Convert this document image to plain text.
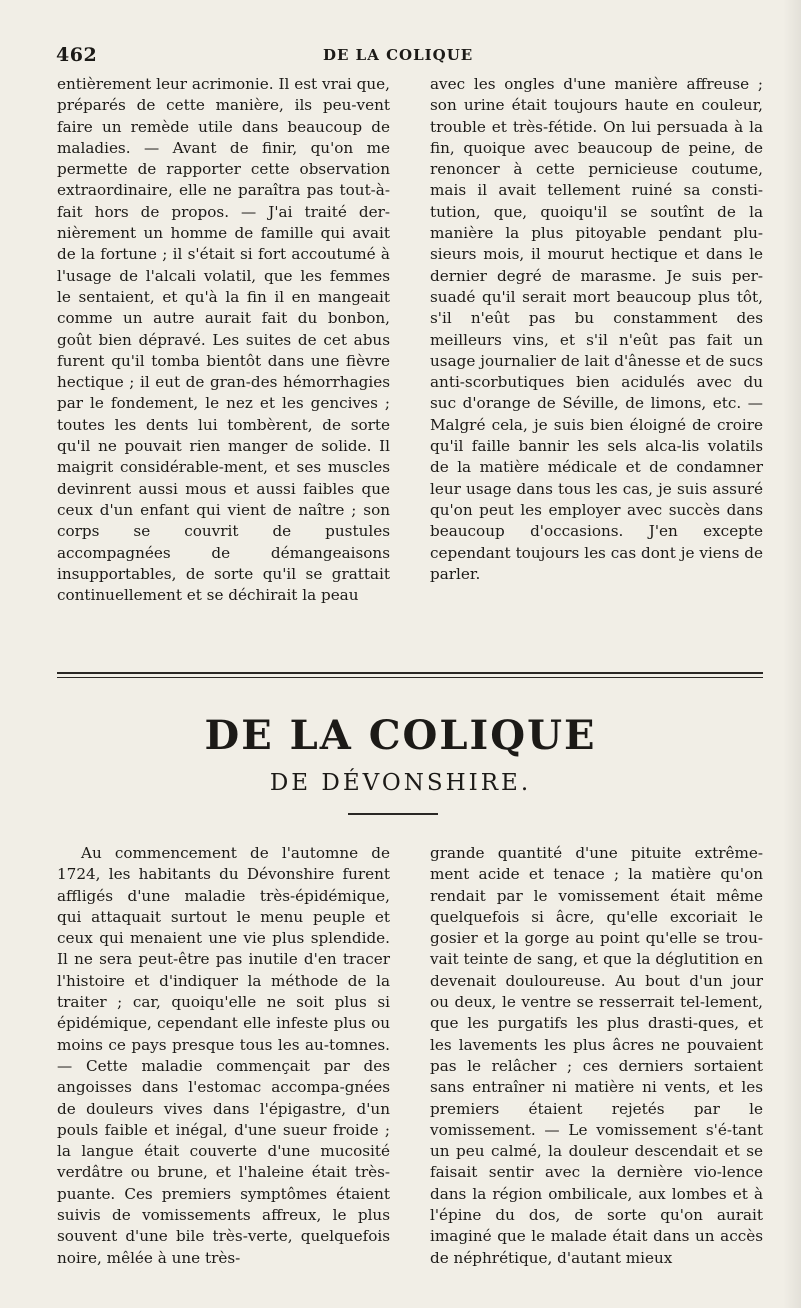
462	DE LA COLIQUE

entièrement leur acrimonie. Il est vrai que, préparés de cette manière, ils peu-vent faire un remède utile dans beaucoup de maladies. — Avant de finir, qu'on me permette de rapporter cette observation extraordinaire, elle ne paraîtra pas tout-à-fait hors de propos. — J'ai traité der-nièrement un homme de famille qui avait de la fortune ; il s'était si fort accoutumé à l'usage de l'alcali volatil, que les femmes le sentaient, et qu'à la fin il en mangeait comme un autre aurait fait du bonbon, goût bien dépravé. Les suites de cet abus furent qu'il tomba bientôt dans une fièvre hectique ; il eut de gran-des hémorrhagies par le fondement, le nez et les gencives ; toutes les dents lui tombèrent, de sorte qu'il ne pouvait rien manger de solide. Il maigrit considérable-ment, et ses muscles devinrent aussi mous et aussi faibles que ceux d'un enfant qui vient de naître ; son corps se couvrit de pustules accompagnées de démangeaisons insupportables, de sorte qu'il se grattait continuellement et se déchirait la peau

avec les ongles d'une manière affreuse ; son urine était toujours haute en couleur, trouble et très-fétide. On lui persuada à la fin, quoique avec beaucoup de peine, de renoncer à cette pernicieuse coutume, mais il avait tellement ruiné sa consti-tution, que, quoiqu'il se soutînt de la manière la plus pitoyable pendant plu-sieurs mois, il mourut hectique et dans le dernier degré de marasme. Je suis per-suadé qu'il serait mort beaucoup plus tôt, s'il n'eût pas bu constamment des meilleurs vins, et s'il n'eût pas fait un usage journalier de lait d'ânesse et de sucs anti-scorbutiques bien acidulés avec du suc d'orange de Séville, de limons, etc. — Malgré cela, je suis bien éloigné de croire qu'il faille bannir les sels alca-lis volatils de la matière médicale et de condamner leur usage dans tous les cas, je suis assuré qu'on peut les employer avec succès dans beaucoup d'occasions. J'en excepte cependant toujours les cas dont je viens de parler.

DE LA COLIQUE
DE DÉVONSHIRE.

Au commencement de l'automne de 1724, les habitants du Dévonshire furent affligés d'une maladie très-épidémique, qui attaquait surtout le menu peuple et ceux qui menaient une vie plus splendide. Il ne sera peut-être pas inutile d'en tracer l'histoire et d'indiquer la méthode de la traiter ; car, quoiqu'elle ne soit plus si épidémique, cependant elle infeste plus ou moins ce pays presque tous les au-tomnes. — Cette maladie commençait par des angoisses dans l'estomac accompa-gnées de douleurs vives dans l'épigastre, d'un pouls faible et inégal, d'une sueur froide ; la langue était couverte d'une mucosité verdâtre ou brune, et l'haleine était très-puante. Ces premiers symptômes étaient suivis de vomissements affreux, le plus souvent d'une bile très-verte, quelquefois noire, mêlée à une très-

grande quantité d'une pituite extrême-ment acide et tenace ; la matière qu'on rendait par le vomissement était même quelquefois si âcre, qu'elle excoriait le gosier et la gorge au point qu'elle se trou-vait teinte de sang, et que la déglutition en devenait douloureuse. Au bout d'un jour ou deux, le ventre se resserrait tel-lement, que les purgatifs les plus drasti-ques, et les lavements les plus âcres ne pouvaient pas le relâcher ; ces derniers sortaient sans entraîner ni matière ni vents, et les premiers étaient rejetés par le vomissement. — Le vomissement s'é-tant un peu calmé, la douleur descendait et se faisait sentir avec la dernière vio-lence dans la région ombilicale, aux lombes et à l'épine du dos, de sorte qu'on aurait imaginé que le malade était dans un accès de néphrétique, d'autant mieux
